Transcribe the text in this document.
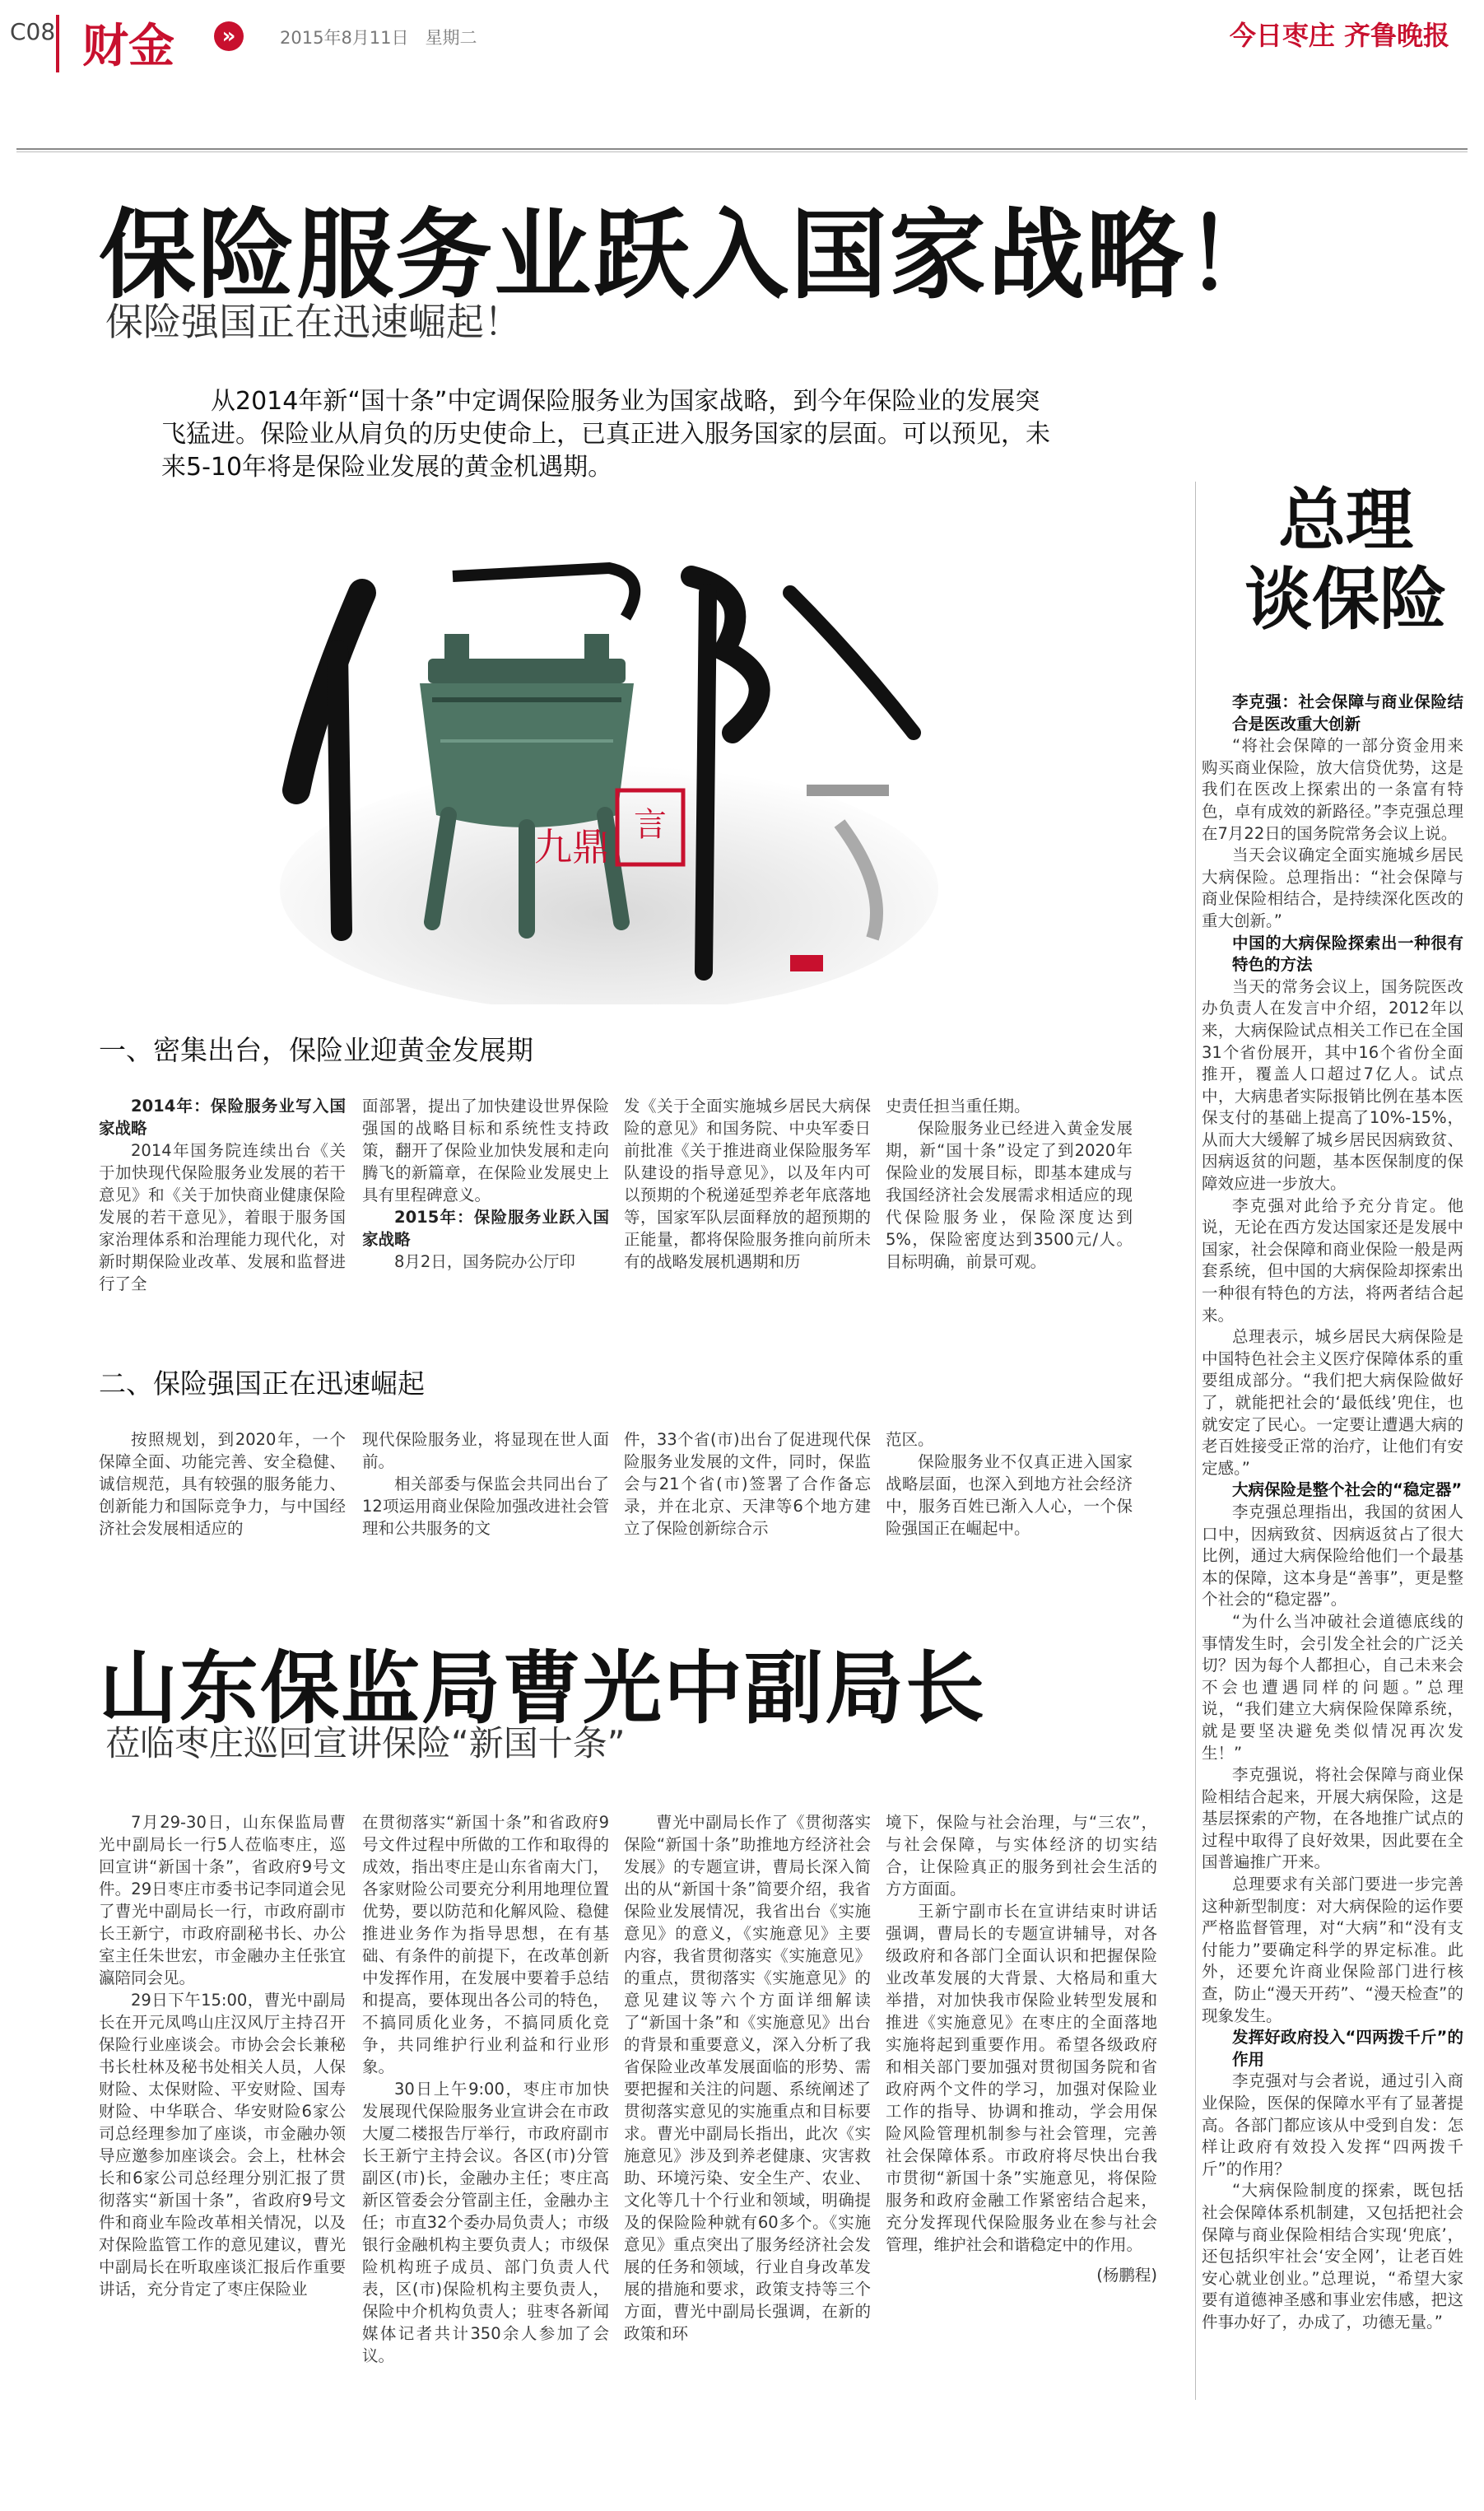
C08 财金	»	2015年8月11日 星期二	今日枣庄 齐鲁晚报
保险服务业跃入国家战略！
保险强国正在迅速崛起！
从2014年新“国十条”中定调保险服务业为国家战略，到今年保险业的发展突飞猛进。保险业从肩负的历史使命上，已真正进入服务国家的层面。可以预见，未来5-10年将是保险业发展的黄金机遇期。
言
九鼎
一、密集出台，保险业迎黄金发展期

2014年：保险服务业写入国家战略

2014年国务院连续出台《关于加快现代保险服务业发展的若干意见》和《关于加快商业健康保险发展的若干意见》，着眼于服务国家治理体系和治理能力现代化，对新时期保险业改革、发展和监督进行了全

面部署，提出了加快建设世界保险强国的战略目标和系统性支持政策，翻开了保险业加快发展和走向腾飞的新篇章，在保险业发展史上具有里程碑意义。

2015年：保险服务业跃入国家战略

8月2日，国务院办公厅印

发《关于全面实施城乡居民大病保险的意见》和国务院、中央军委日前批准《关于推进商业保险服务军队建设的指导意见》，以及年内可以预期的个税递延型养老年底落地等，国家军队层面释放的超预期的正能量，都将保险服务推向前所未有的战略发展机遇期和历

史责任担当重任期。

保险服务业已经进入黄金发展期，新“国十条”设定了到2020年保险业的发展目标，即基本建成与我国经济社会发展需求相适应的现代保险服务业，保险深度达到5%，保险密度达到3500元/人。目标明确，前景可观。

二、保险强国正在迅速崛起

按照规划，到2020年，一个保障全面、功能完善、安全稳健、诚信规范，具有较强的服务能力、创新能力和国际竞争力，与中国经济社会发展相适应的

现代保险服务业，将显现在世人面前。

相关部委与保监会共同出台了12项运用商业保险加强改进社会管理和公共服务的文

件，33个省(市)出台了促进现代保险服务业发展的文件，同时，保监会与21个省(市)签署了合作备忘录，并在北京、天津等6个地方建立了保险创新综合示

范区。

保险服务业不仅真正进入国家战略层面，也深入到地方社会经济中，服务百姓已渐入人心，一个保险强国正在崛起中。

山东保监局曹光中副局长
莅临枣庄巡回宣讲保险“新国十条”

7月29-30日，山东保监局曹光中副局长一行5人莅临枣庄，巡回宣讲“新国十条”，省政府9号文件。29日枣庄市委书记李同道会见了曹光中副局长一行，市政府副市长王新宁，市政府副秘书长、办公室主任朱世宏，市金融办主任张宜瀛陪同会见。

29日下午15:00，曹光中副局长在开元凤鸣山庄汉风厅主持召开保险行业座谈会。市协会会长兼秘书长杜林及秘书处相关人员，人保财险、太保财险、平安财险、国寿财险、中华联合、华安财险6家公司总经理参加了座谈，市金融办领导应邀参加座谈会。会上，杜林会长和6家公司总经理分别汇报了贯彻落实“新国十条”，省政府9号文件和商业车险改革相关情况，以及对保险监管工作的意见建议，曹光中副局长在听取座谈汇报后作重要讲话，充分肯定了枣庄保险业

在贯彻落实“新国十条”和省政府9号文件过程中所做的工作和取得的成效，指出枣庄是山东省南大门，各家财险公司要充分利用地理位置优势，要以防范和化解风险、稳健推进业务作为指导思想，在有基础、有条件的前提下，在改革创新中发挥作用，在发展中要着手总结和提高，要体现出各公司的特色，不搞同质化业务，不搞同质化竞争，共同维护行业利益和行业形象。

30日上午9:00，枣庄市加快发展现代保险服务业宣讲会在市政大厦二楼报告厅举行，市政府副市长王新宁主持会议。各区(市)分管副区(市)长，金融办主任；枣庄高新区管委会分管副主任，金融办主任；市直32个委办局负责人；市级银行金融机构主要负责人；市级保险机构班子成员、部门负责人代表，区(市)保险机构主要负责人，保险中介机构负责人；驻枣各新闻媒体记者共计350余人参加了会议。

曹光中副局长作了《贯彻落实保险“新国十条”助推地方经济社会发展》的专题宣讲，曹局长深入简出的从“新国十条”简要介绍，我省保险业发展情况，我省出台《实施意见》的意义，《实施意见》主要内容，我省贯彻落实《实施意见》的重点，贯彻落实《实施意见》的意见建议等六个方面详细解读了“新国十条”和《实施意见》出台的背景和重要意义，深入分析了我省保险业改革发展面临的形势、需要把握和关注的问题、系统阐述了贯彻落实意见的实施重点和目标要求。曹光中副局长指出，此次《实施意见》涉及到养老健康、灾害救助、环境污染、安全生产、农业、文化等几十个行业和领域，明确提及的保险险种就有60多个。《实施意见》重点突出了服务经济社会发展的任务和领域，行业自身改革发展的措施和要求，政策支持等三个方面，曹光中副局长强调，在新的政策和环

境下，保险与社会治理，与“三农”，与社会保障，与实体经济的切实结合，让保险真正的服务到社会生活的方方面面。

王新宁副市长在宣讲结束时讲话强调，曹局长的专题宣讲辅导，对各级政府和各部门全面认识和把握保险业改革发展的大背景、大格局和重大举措，对加快我市保险业转型发展和推进《实施意见》在枣庄的全面落地实施将起到重要作用。希望各级政府和相关部门要加强对贯彻国务院和省政府两个文件的学习，加强对保险业工作的指导、协调和推动，学会用保险风险管理机制参与社会管理，完善社会保障体系。市政府将尽快出台我市贯彻“新国十条”实施意见，将保险服务和政府金融工作紧密结合起来，充分发挥现代保险服务业在参与社会管理，维护社会和谐稳定中的作用。

(杨鹏程)

总理
谈保险

李克强：社会保障与商业保险结合是医改重大创新

“将社会保障的一部分资金用来购买商业保险，放大信贷优势，这是我们在医改上探索出的一条富有特色，卓有成效的新路径。”李克强总理在7月22日的国务院常务会议上说。

当天会议确定全面实施城乡居民大病保险。总理指出：“社会保障与商业保险相结合，是持续深化医改的重大创新。”

中国的大病保险探索出一种很有特色的方法

当天的常务会议上，国务院医改办负责人在发言中介绍，2012年以来，大病保险试点相关工作已在全国31个省份展开，其中16个省份全面推开，覆盖人口超过7亿人。试点中，大病患者实际报销比例在基本医保支付的基础上提高了10%-15%，从而大大缓解了城乡居民因病致贫、因病返贫的问题，基本医保制度的保障效应进一步放大。

李克强对此给予充分肯定。他说，无论在西方发达国家还是发展中国家，社会保障和商业保险一般是两套系统，但中国的大病保险却探索出一种很有特色的方法，将两者结合起来。

总理表示，城乡居民大病保险是中国特色社会主义医疗保障体系的重要组成部分。“我们把大病保险做好了，就能把社会的‘最低线’兜住，也就安定了民心。一定要让遭遇大病的老百姓接受正常的治疗，让他们有安定感。”

大病保险是整个社会的“稳定器”

李克强总理指出，我国的贫困人口中，因病致贫、因病返贫占了很大比例，通过大病保险给他们一个最基本的保障，这本身是“善事”，更是整个社会的“稳定器”。

“为什么当冲破社会道德底线的事情发生时，会引发全社会的广泛关切？因为每个人都担心，自己未来会不会也遭遇同样的问题。”总理说，“我们建立大病保险保障系统，就是要坚决避免类似情况再次发生！”

李克强说，将社会保障与商业保险相结合起来，开展大病保险，这是基层探索的产物，在各地推广试点的过程中取得了良好效果，因此要在全国普遍推广开来。

总理要求有关部门要进一步完善这种新型制度：对大病保险的运作要严格监督管理，对“大病”和“没有支付能力”要确定科学的界定标准。此外，还要允许商业保险部门进行核查，防止“漫天开药”、“漫天检查”的现象发生。

发挥好政府投入“四两拨千斤”的作用

李克强对与会者说，通过引入商业保险，医保的保障水平有了显著提高。各部门都应该从中受到自发：怎样让政府有效投入发挥“四两拨千斤”的作用？

“大病保险制度的探索，既包括社会保障体系机制建，又包括把社会保障与商业保险相结合实现‘兜底’，还包括织牢社会‘安全网’，让老百姓安心就业创业。”总理说，“希望大家要有道德神圣感和事业宏伟感，把这件事办好了，办成了，功德无量。”
